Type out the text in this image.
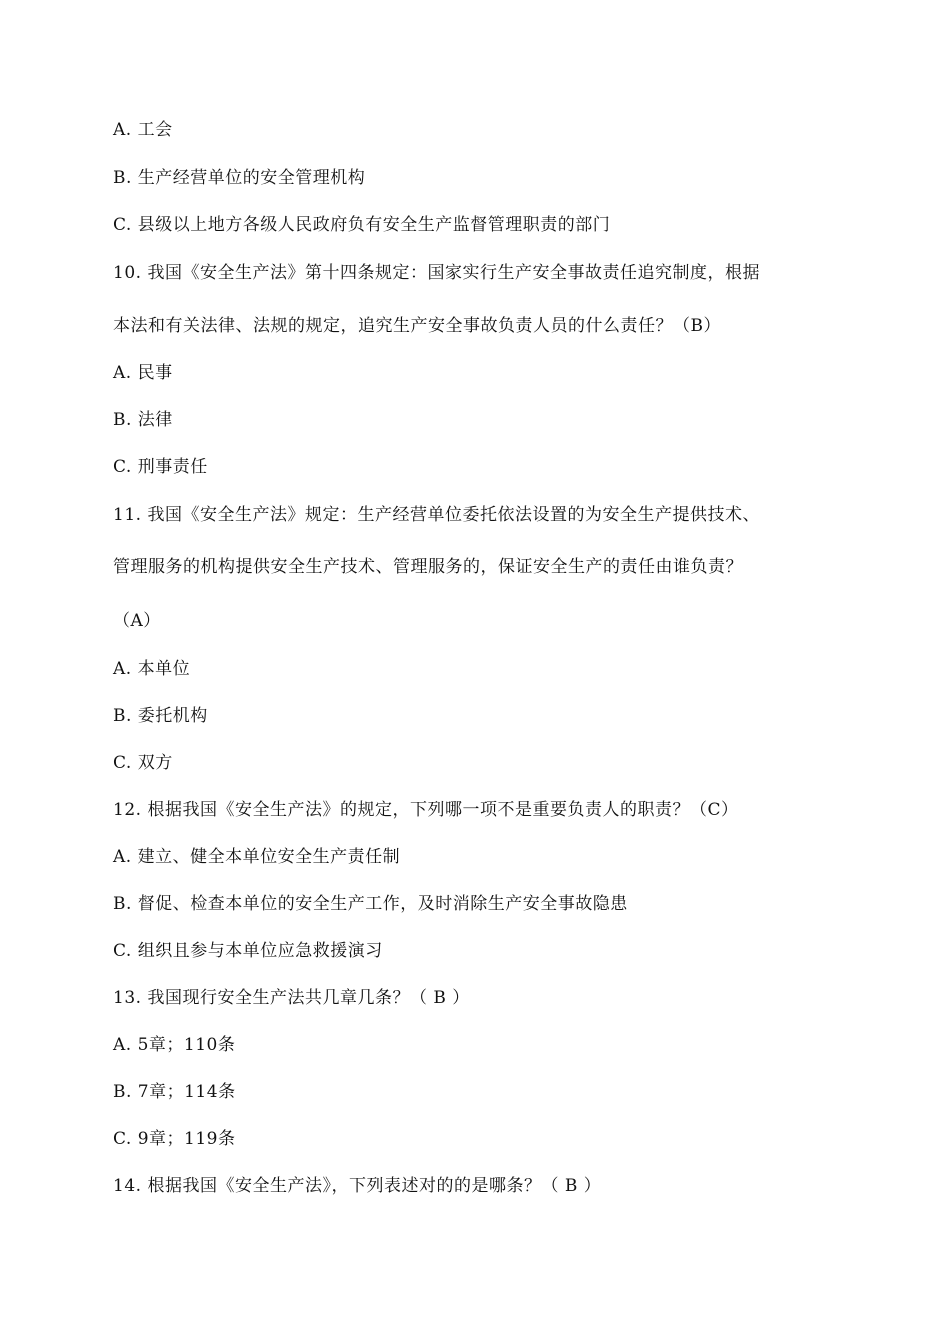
A. 工会
B. 生产经营单位的安全管理机构
C. 县级以上地方各级人民政府负有安全生产监督管理职责的部门
10. 我国《安全生产法》第十四条规定：国家实行生产安全事故责任追究制度，根据
本法和有关法律、法规的规定，追究生产安全事故负责人员的什么责任？（B）
A. 民事
B. 法律
C. 刑事责任
11. 我国《安全生产法》规定：生产经营单位委托依法设置的为安全生产提供技术、
管理服务的机构提供安全生产技术、管理服务的，保证安全生产的责任由谁负责？
（A）
A. 本单位
B. 委托机构
C. 双方
12. 根据我国《安全生产法》的规定，下列哪一项不是重要负责人的职责？（C）
A. 建立、健全本单位安全生产责任制
B. 督促、检查本单位的安全生产工作，及时消除生产安全事故隐患
C. 组织且参与本单位应急救援演习
13. 我国现行安全生产法共几章几条？（ B ）
A. 5章；110条
B. 7章；114条
C. 9章；119条
14. 根据我国《安全生产法》，下列表述对的的是哪条？（ B ）
